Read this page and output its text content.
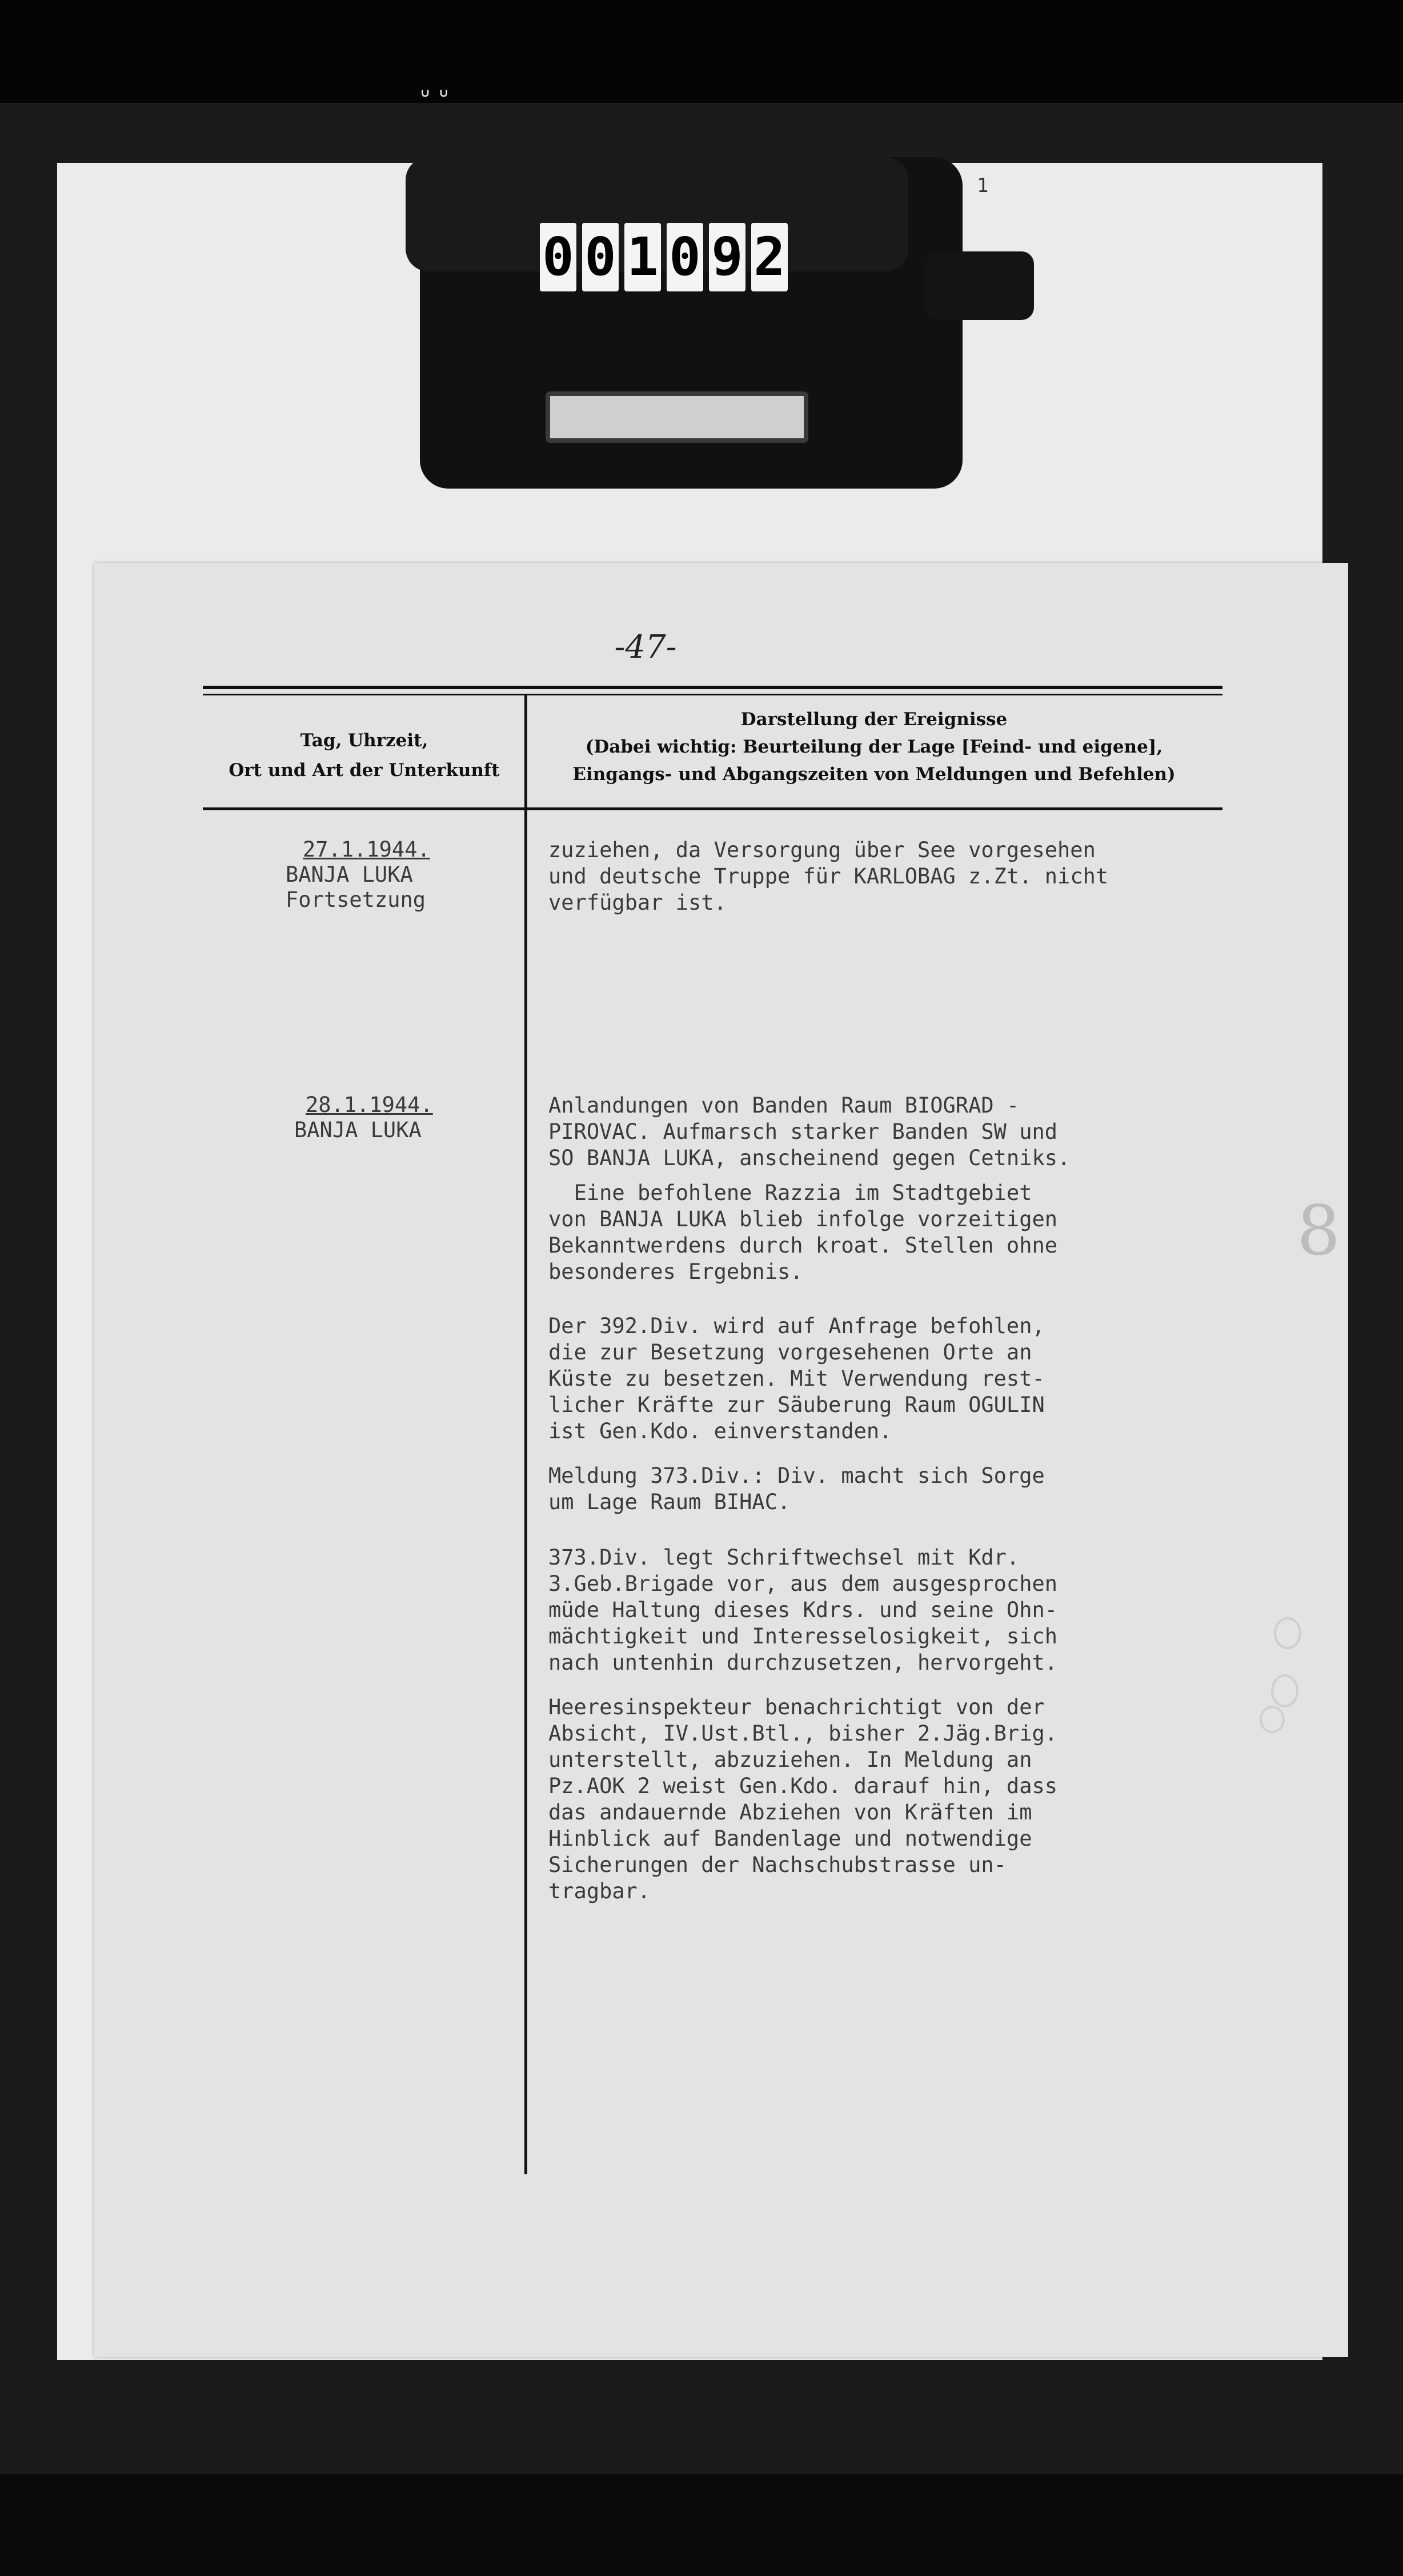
ᐡ ᐡ
1
0 0 1 0 9 2
-47-
Tag, Uhrzeit,
Ort und Art der Unterkunft
Darstellung der Ereignisse
(Dabei wichtig: Beurteilung der Lage [Feind- und eigene],
Eingangs- und Abgangszeiten von Meldungen und Befehlen)
27.1.1944.
BANJA LUKA
Fortsetzung
zuziehen, da Versorgung über See vorgesehen
und deutsche Truppe für KARLOBAG z.Zt. nicht
verfügbar ist.
28.1.1944.
BANJA LUKA
Anlandungen von Banden Raum BIOGRAD -
PIROVAC. Aufmarsch starker Banden SW und
SO BANJA LUKA, anscheinend gegen Cetniks.
Eine befohlene Razzia im Stadtgebiet
von BANJA LUKA blieb infolge vorzeitigen
Bekanntwerdens durch kroat. Stellen ohne
besonderes Ergebnis.
Der 392.Div. wird auf Anfrage befohlen,
die zur Besetzung vorgesehenen Orte an
Küste zu besetzen. Mit Verwendung rest-
licher Kräfte zur Säuberung Raum OGULIN
ist Gen.Kdo. einverstanden.
Meldung 373.Div.: Div. macht sich Sorge
um Lage Raum BIHAC.
373.Div. legt Schriftwechsel mit Kdr.
3.Geb.Brigade vor, aus dem ausgesprochen
müde Haltung dieses Kdrs. und seine Ohn-
mächtigkeit und Interesselosigkeit, sich
nach untenhin durchzusetzen, hervorgeht.
Heeresinspekteur benachrichtigt von der
Absicht, IV.Ust.Btl., bisher 2.Jäg.Brig.
unterstellt, abzuziehen. In Meldung an
Pz.AOK 2 weist Gen.Kdo. darauf hin, dass
das andauernde Abziehen von Kräften im
Hinblick auf Bandenlage und notwendige
Sicherungen der Nachschubstrasse un-
tragbar.
8
